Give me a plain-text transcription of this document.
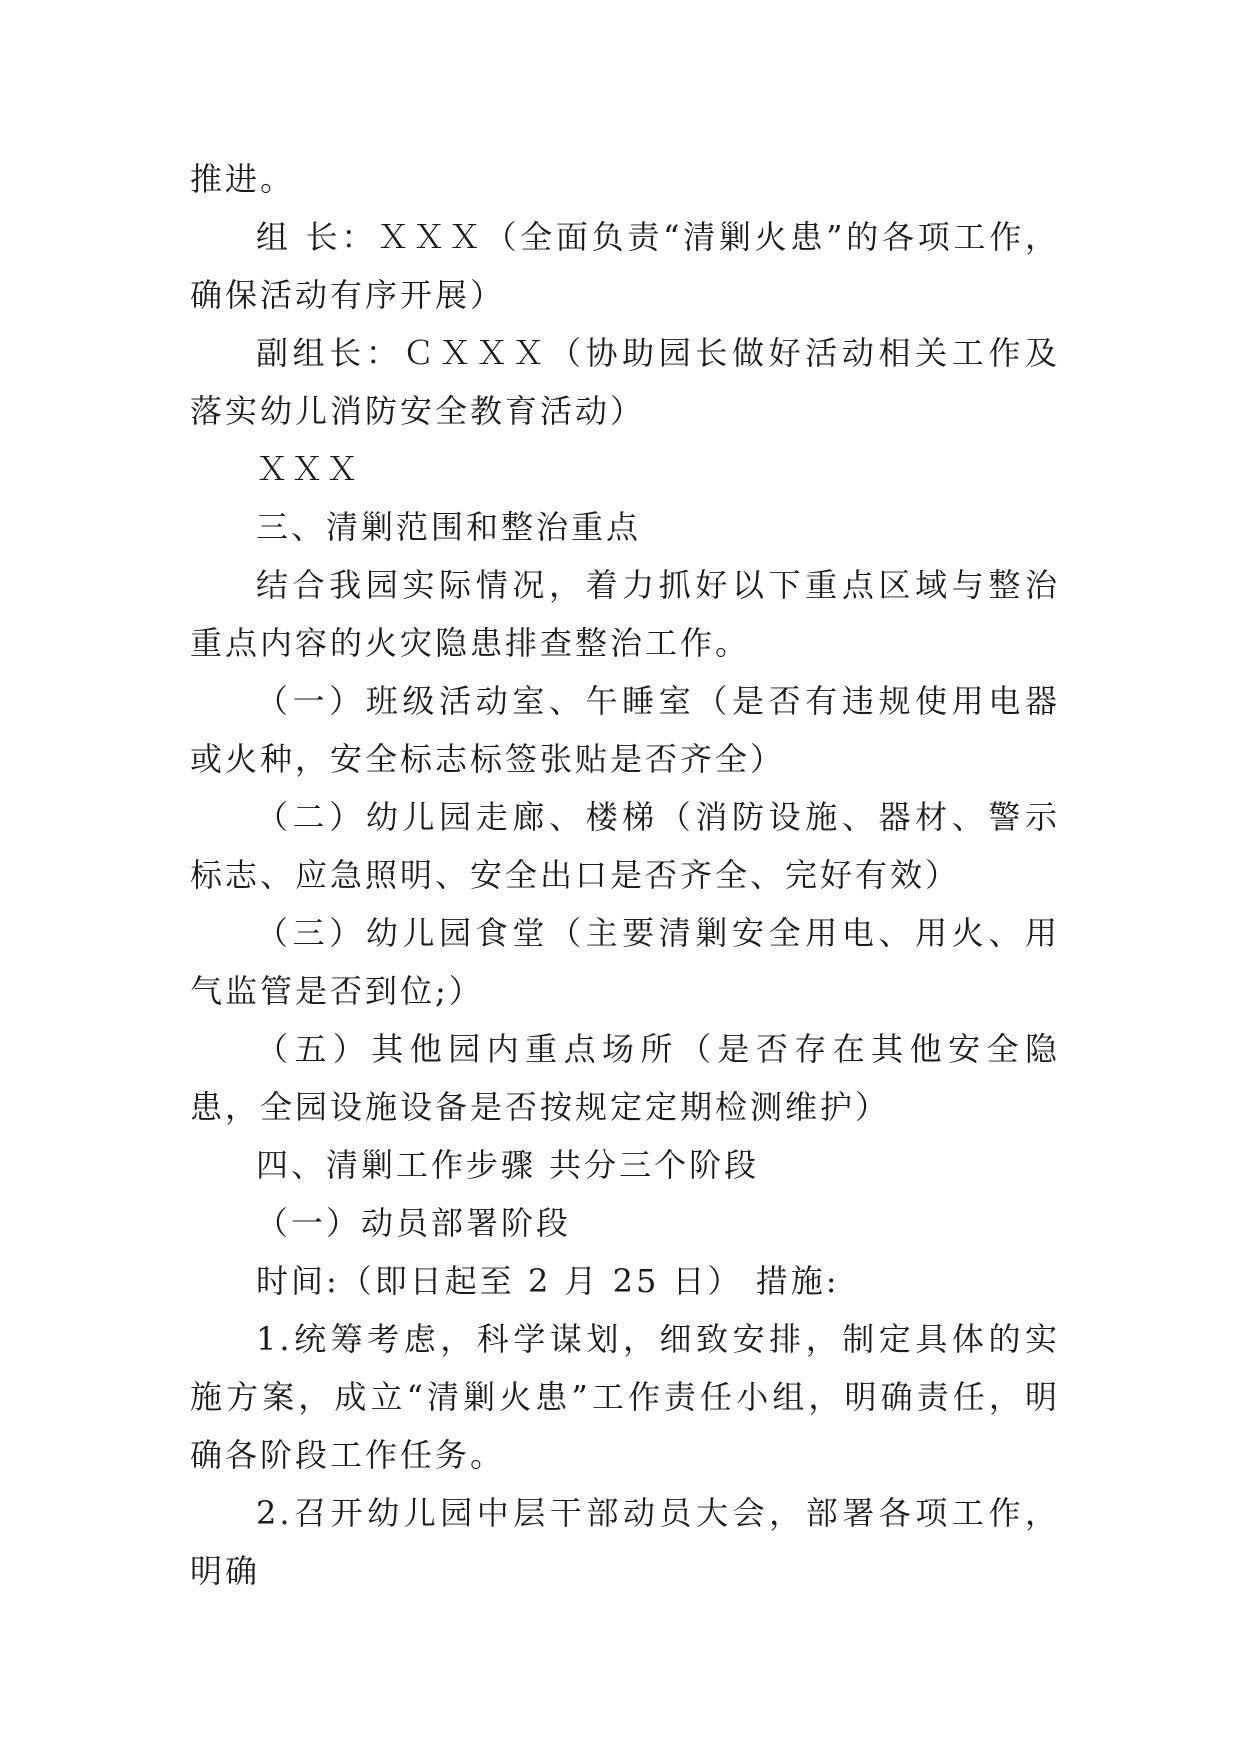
推进。

组 长：ＸＸＸ（全面负责“清剿火患”的各项工作，确保活动有序开展）

副组长：ＣＸＸＸ（协助园长做好活动相关工作及落实幼儿消防安全教育活动）

ＸＸＸ

三、清剿范围和整治重点

结合我园实际情况，着力抓好以下重点区域与整治重点内容的火灾隐患排查整治工作。

（一）班级活动室、午睡室（是否有违规使用电器或火种，安全标志标签张贴是否齐全）

（二）幼儿园走廊、楼梯（消防设施、器材、警示标志、应急照明、安全出口是否齐全、完好有效）

（三）幼儿园食堂（主要清剿安全用电、用火、用气监管是否到位;）

（五）其他园内重点场所（是否存在其他安全隐患，全园设施设备是否按规定定期检测维护）

四、清剿工作步骤 共分三个阶段

（一）动员部署阶段

时间:（即日起至 2 月 25 日） 措施:

1.统筹考虑，科学谋划，细致安排，制定具体的实施方案，成立“清剿火患”工作责任小组，明确责任，明确各阶段工作任务。

2.召开幼儿园中层干部动员大会，部署各项工作，明确
